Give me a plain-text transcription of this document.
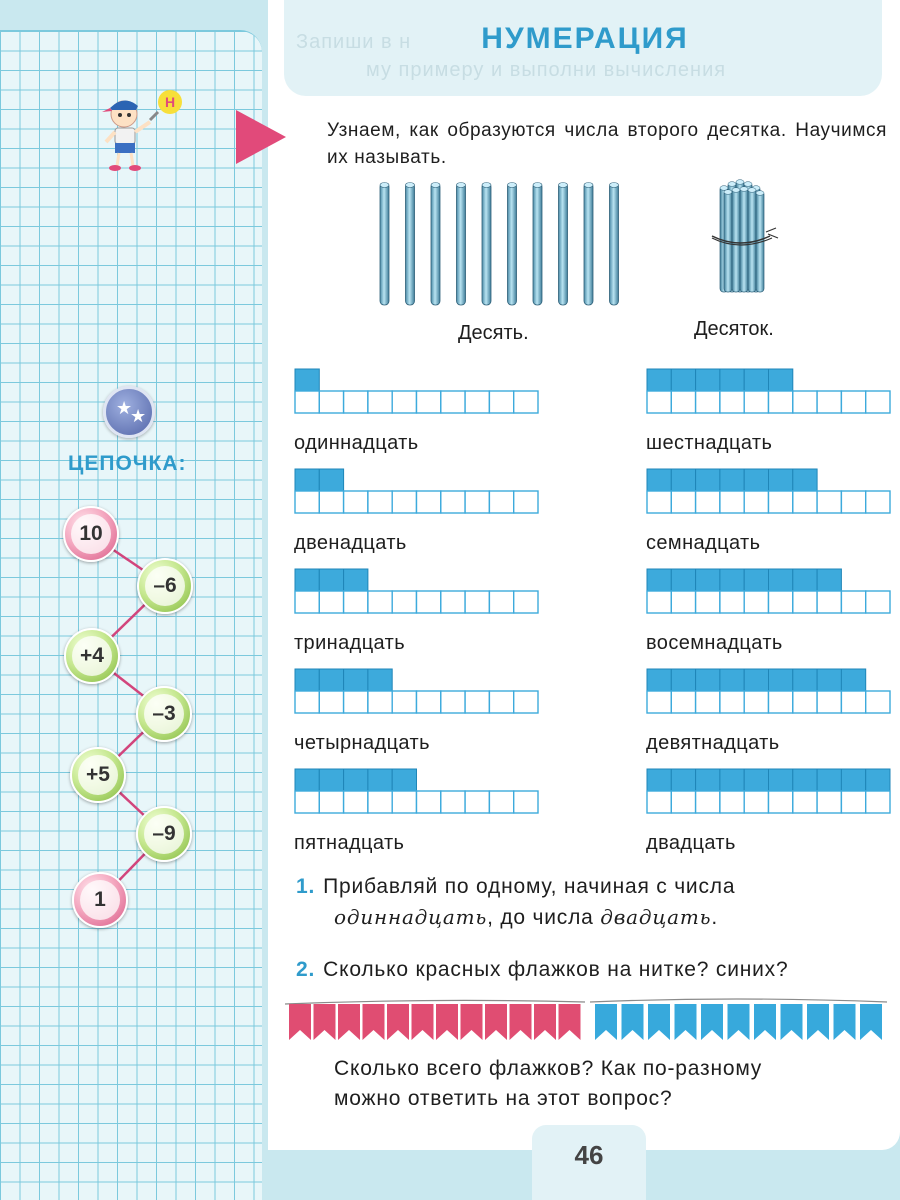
Запиши в н
му примеру и выполни вычисления
НУМЕРАЦИЯ
Узнаем, как образуются числа второго десятка. Научимся их называть.
Десять.	Десяток.
одиннадцать
двенадцать
тринадцать
четырнадцать
пятнадцать
шестнадцать
семнадцать
восемнадцать
девятнадцать
двадцать
1. Прибавляй по одному, начиная с числа
одиннадцать, до числа двадцать.
2. Сколько красных флажков на нитке? синих?
Сколько всего флажков? Как по-разному
можно ответить на этот вопрос?
46
Н
★
★
ЦЕПОЧКА:
10
–6
+4
–3
+5
–9
1
